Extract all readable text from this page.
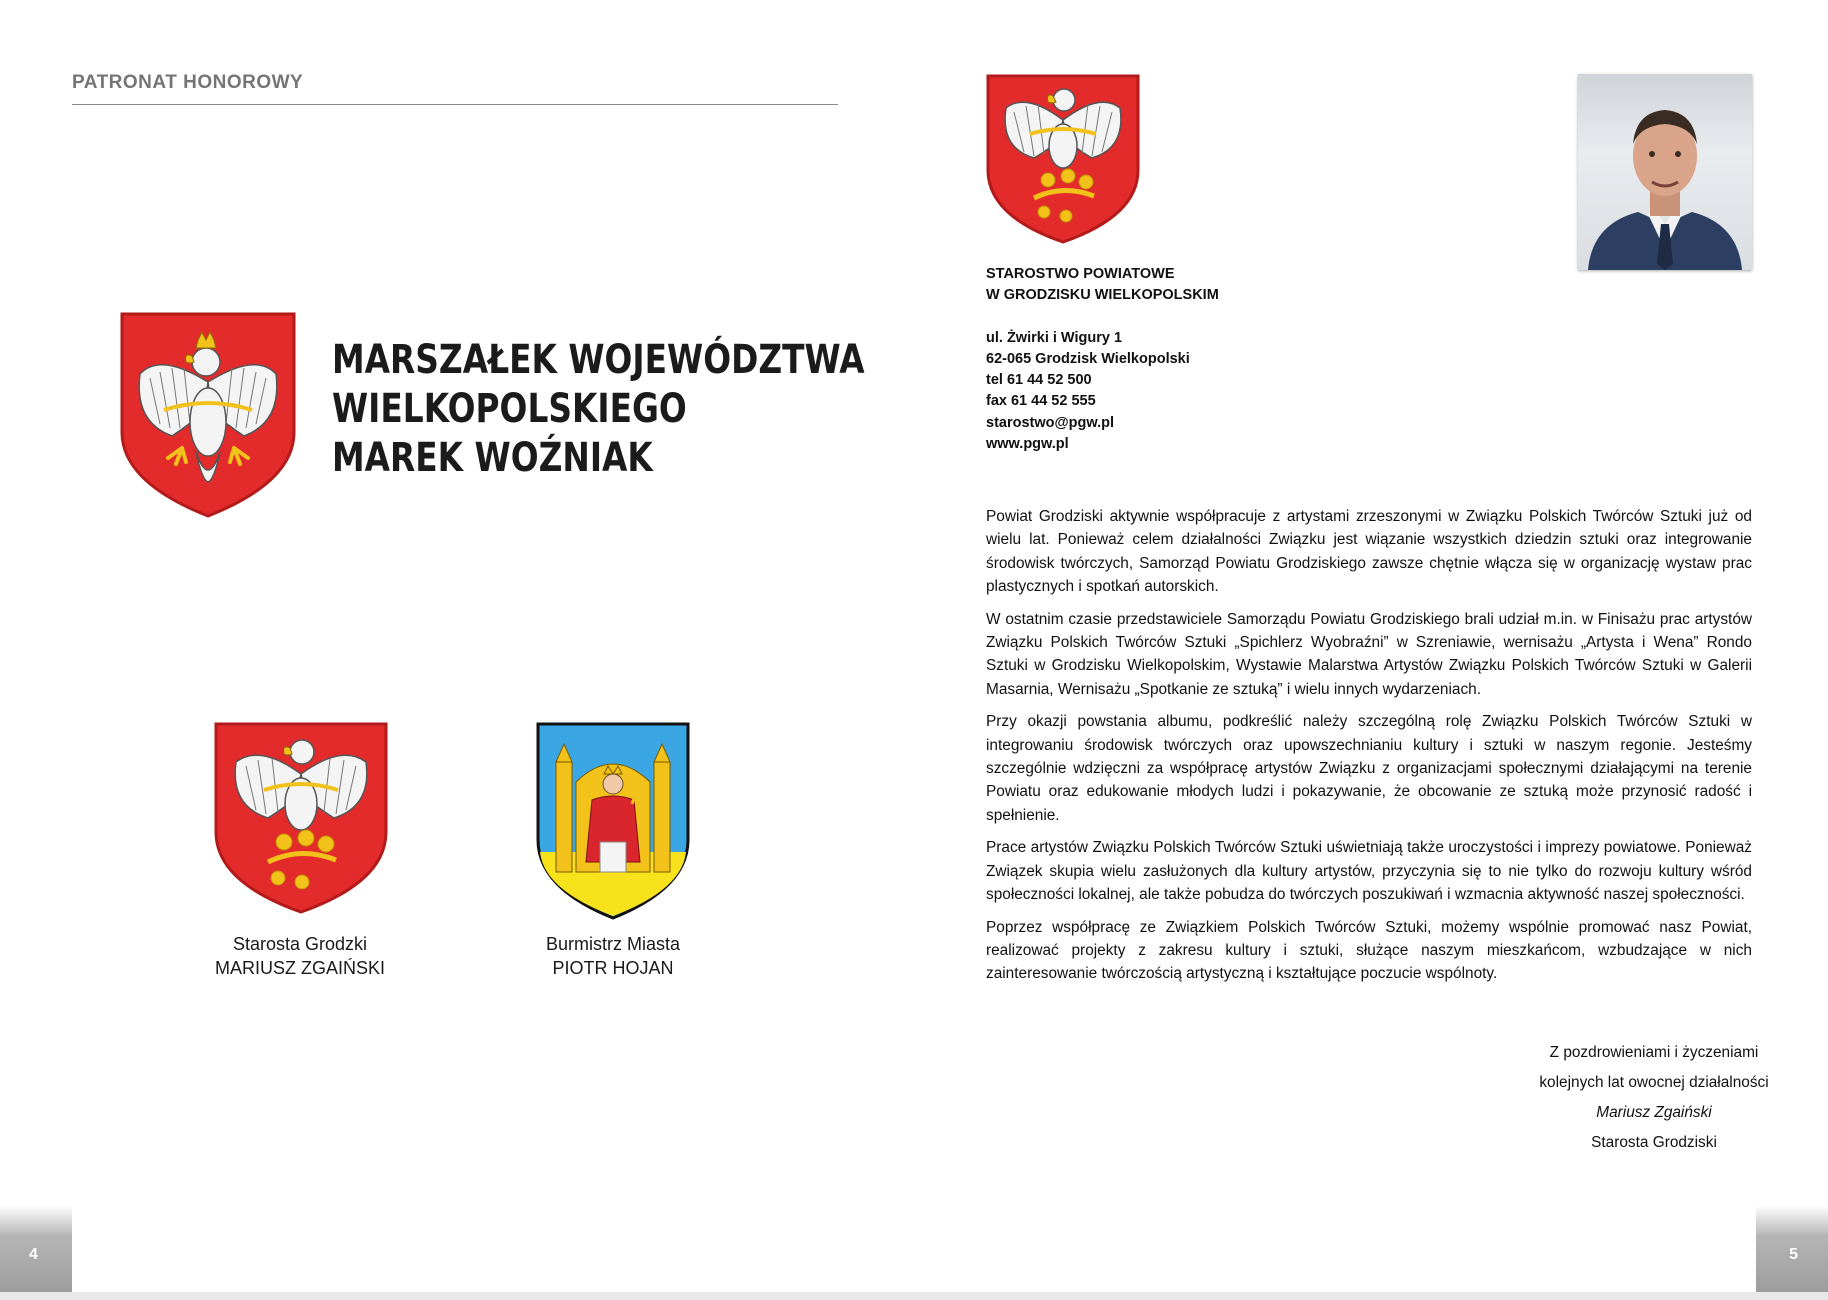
PATRONAT HONOROWY
MARSZAŁEK WOJEWÓDZTWA
WIELKOPOLSKIEGO
MAREK WOŹNIAK
Starosta Grodzki
MARIUSZ ZGAIŃSKI
Burmistrz Miasta
PIOTR HOJAN
4
STAROSTWO POWIATOWE
W GRODZISKU WIELKOPOLSKIM
ul. Żwirki i Wigury 1
62-065 Grodzisk Wielkopolski
tel 61 44 52 500
fax 61 44 52 555
starostwo@pgw.pl
www.pgw.pl

Powiat Grodziski aktywnie współpracuje z artystami zrzeszonymi w Związku Polskich Twórców Sztuki już od wielu lat. Ponieważ celem działalności Związku jest wiązanie wszystkich dziedzin sztuki oraz integrowanie środowisk twórczych, Samorząd Powiatu Grodziskiego zawsze chętnie włącza się w organizację wystaw prac plastycznych i spotkań autorskich.

W ostatnim czasie przedstawiciele Samorządu Powiatu Grodziskiego brali udział m.in. w Finisażu prac artystów Związku Polskich Twórców Sztuki „Spichlerz Wyobraźni” w Szreniawie, wernisażu „Artysta i Wena” Rondo Sztuki w Grodzisku Wielkopolskim, Wystawie Malarstwa Artystów Związku Polskich Twórców Sztuki w Galerii Masarnia, Wernisażu „Spotkanie ze sztuką” i wielu innych wydarzeniach.

Przy okazji powstania albumu, podkreślić należy szczególną rolę Związku Polskich Twórców Sztuki w integrowaniu środowisk twórczych oraz upowszechnianiu kultury i sztuki w naszym regonie. Jesteśmy szczególnie wdzięczni za współpracę artystów Związku z organizacjami społecznymi działającymi na terenie Powiatu oraz edukowanie młodych ludzi i pokazywanie, że obcowanie ze sztuką może przynosić radość i spełnienie.

Prace artystów Związku Polskich Twórców Sztuki uświetniają także uroczystości i imprezy powiatowe. Ponieważ Związek skupia wielu zasłużonych dla kultury artystów, przyczynia się to nie tylko do rozwoju kultury wśród społeczności lokalnej, ale także pobudza do twórczych poszukiwań i wzmacnia aktywność naszej społeczności.

Poprzez współpracę ze Związkiem Polskich Twórców Sztuki, możemy wspólnie promować nasz Powiat, realizować projekty z zakresu kultury i sztuki, służące naszym mieszkańcom, wzbudzające w nich zainteresowanie twórczością artystyczną i kształtujące poczucie wspólnoty.

Z pozdrowieniami i życzeniami
kolejnych lat owocnej działalności
Mariusz Zgaiński
Starosta Grodziski
5
